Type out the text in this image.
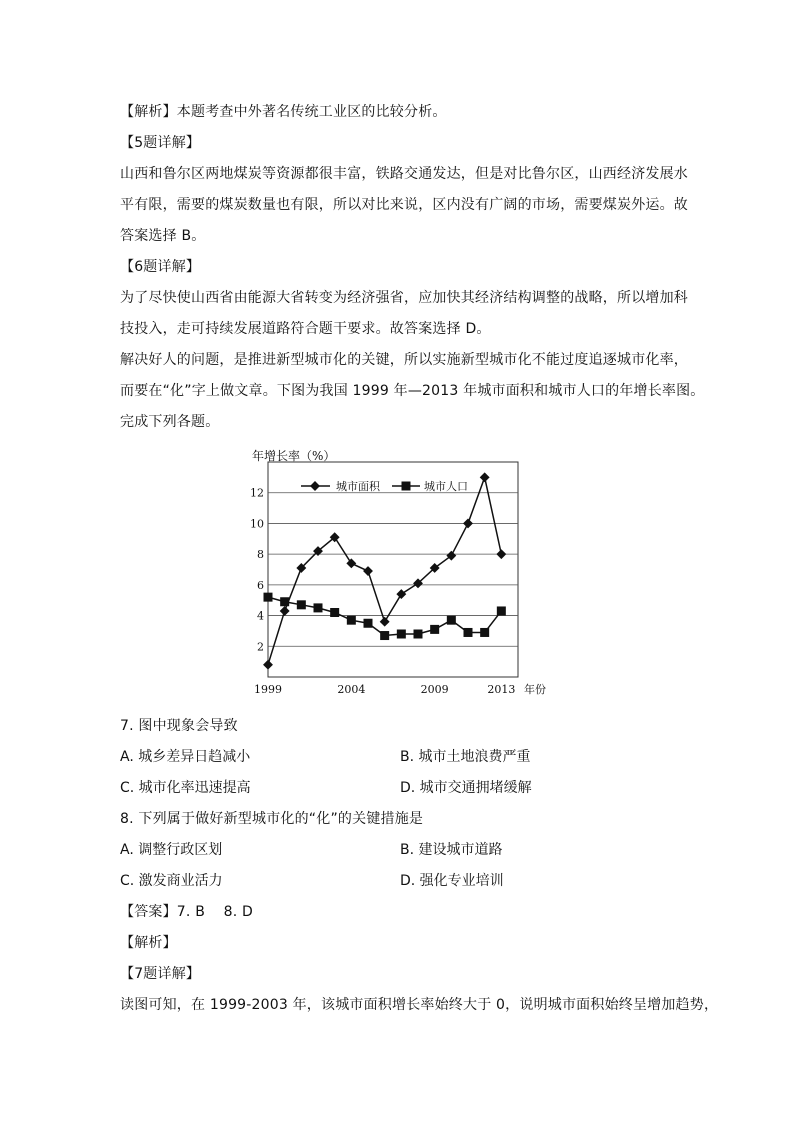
【解析】本题考查中外著名传统工业区的比较分析。
【5题详解】
山西和鲁尔区两地煤炭等资源都很丰富，铁路交通发达，但是对比鲁尔区，山西经济发展水
平有限，需要的煤炭数量也有限，所以对比来说，区内没有广阔的市场，需要煤炭外运。故
答案选择 B。
【6题详解】
为了尽快使山西省由能源大省转变为经济强省，应加快其经济结构调整的战略，所以增加科
技投入，走可持续发展道路符合题干要求。故答案选择 D。
解决好人的问题，是推进新型城市化的关键，所以实施新型城市化不能过度追逐城市化率，
而要在“化”字上做文章。下图为我国 1999 年—2013 年城市面积和城市人口的年增长率图。
完成下列各题。
年增长率（%）
2
4
6
8
10
12
1999	2004	2009	2013 年份
城市面积	城市人口
7. 图中现象会导致
A. 城乡差异日趋减小	B. 城市土地浪费严重
C. 城市化率迅速提高	D. 城市交通拥堵缓解
8. 下列属于做好新型城市化的“化”的关键措施是
A. 调整行政区划	B. 建设城市道路
C. 激发商业活力	D. 强化专业培训
【答案】7. B    8. D
【解析】
【7题详解】
读图可知，在 1999-2003 年，该城市面积增长率始终大于 0，说明城市面积始终呈增加趋势，
